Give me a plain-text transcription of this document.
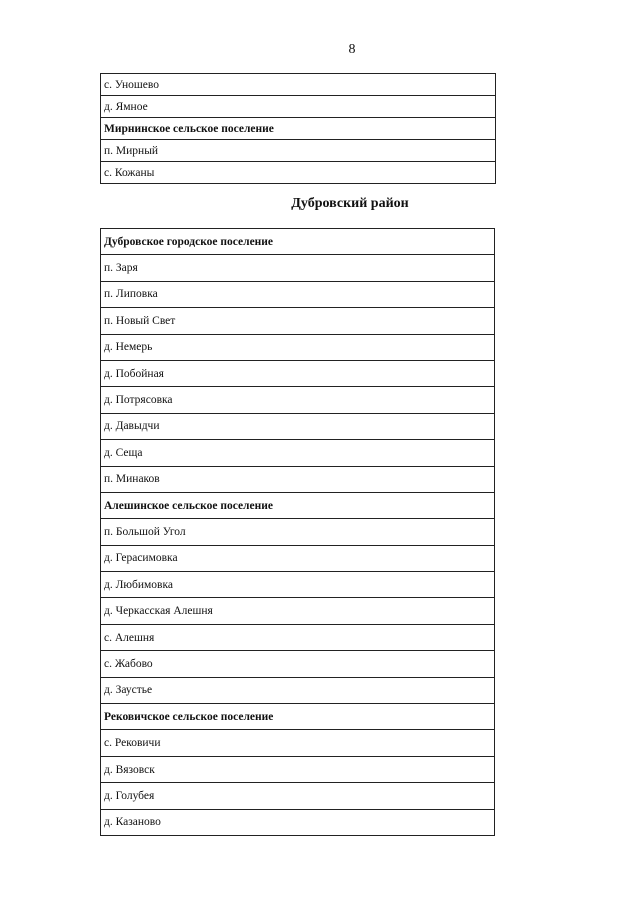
8
с. Уношево
д. Ямное
Мирнинское сельское поселение
п. Мирный
с. Кожаны
Дубровский район
Дубровское городское поселение
п. Заря
п. Липовка
п. Новый Свет
д. Немерь
д. Побойная
д. Потрясовка
д. Давыдчи
д. Сеща
п. Минаков
Алешинское сельское поселение
п. Большой Угол
д. Герасимовка
д. Любимовка
д. Черкасская Алешня
с. Алешня
с. Жабово
д. Заустье
Рековичское сельское поселение
с. Рековичи
д. Вязовск
д. Голубея
д. Казаново
